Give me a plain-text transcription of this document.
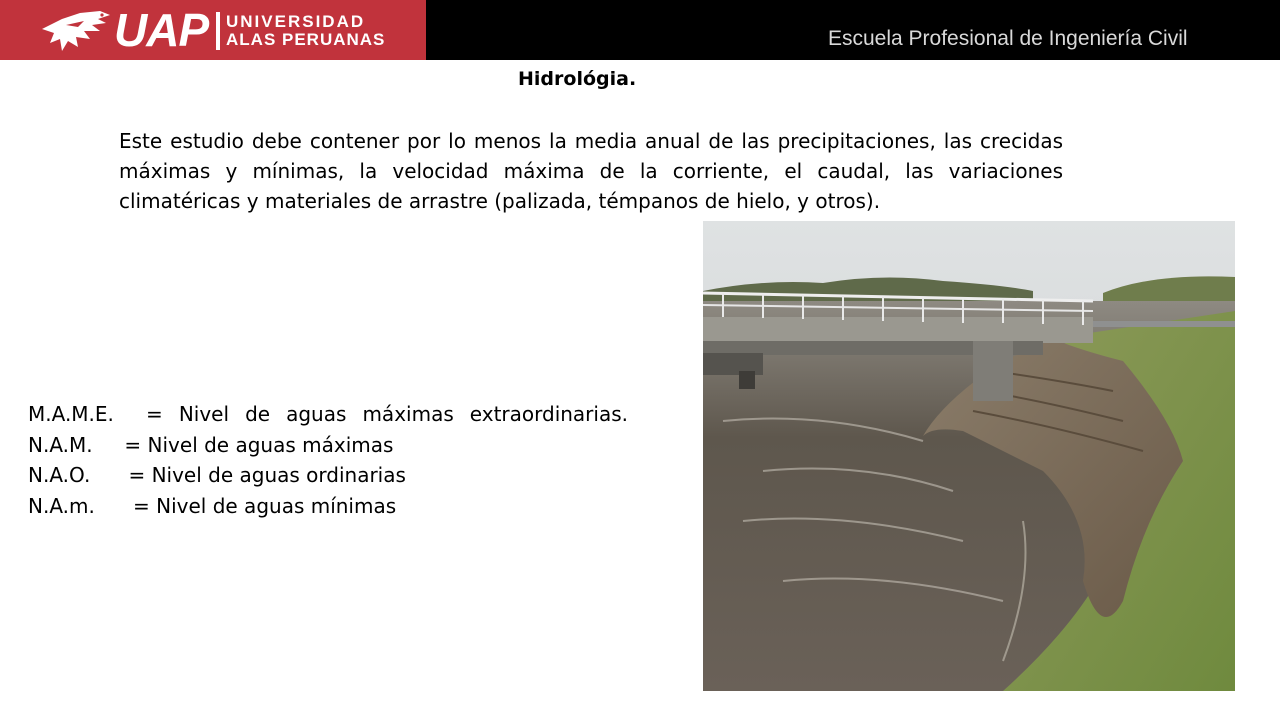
UAP UNIVERSIDAD
ALAS PERUANAS	Escuela Profesional de Ingeniería Civil
Hidrológia.
Este estudio debe contener por lo menos la media anual de las precipitaciones, las crecidas máximas y mínimas, la velocidad máxima de la corriente, el caudal, las variaciones climatéricas y materiales de arrastre (palizada, témpanos de hielo, y otros).
M.A.M.E. = Nivel de aguas máximas extraordinarias.
N.A.M. = Nivel de aguas máximas
N.A.O. = Nivel de aguas ordinarias
N.A.m. = Nivel de aguas mínimas
